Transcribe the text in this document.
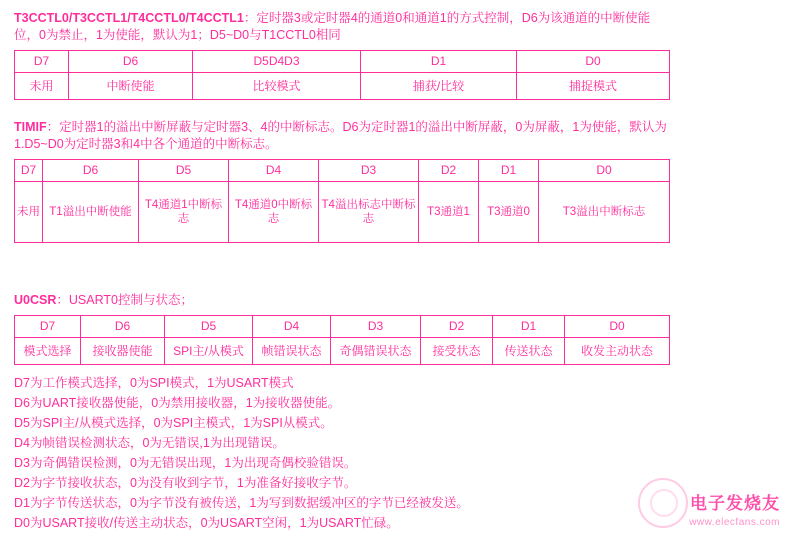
T3CCTL0/T3CCTL1/T4CCTL0/T4CCTL1：定时器3或定时器4的通道0和通道1的方式控制，D6为该通道的中断使能位，0为禁止，1为使能，默认为1；D5~D0与T1CCTL0相同
D7	D6	D5D4D3	D1	D0
未用	中断使能	比较模式	捕获/比较	捕捉模式
TIMIF：定时器1的溢出中断屏蔽与定时器3、4的中断标志。D6为定时器1的溢出中断屏蔽，0为屏蔽，1为使能，默认为1.D5~D0为定时器3和4中各个通道的中断标志。
D7	D6	D5	D4	D3	D2	D1	D0
未用	T1溢出中断使能	T4通道1中断标志	T4通道0中断标志	T4溢出标志中断标志	T3通道1	T3通道0	T3溢出中断标志
U0CSR：USART0控制与状态；
D7	D6	D5	D4	D3	D2	D1	D0
模式选择	接收器使能	SPI主/从模式	帧错误状态	奇偶错误状态	接受状态	传送状态	收发主动状态
D7为工作模式选择，0为SPI模式，1为USART模式
D6为UART接收器使能，0为禁用接收器，1为接收器使能。
D5为SPI主/从模式选择，0为SPI主模式，1为SPI从模式。
D4为帧错误检测状态，0为无错误,1为出现错误。
D3为奇偶错误检测，0为无错误出现，1为出现奇偶校验错误。
D2为字节接收状态，0为没有收到字节，1为准备好接收字节。
D1为字节传送状态，0为字节没有被传送，1为写到数据缓冲区的字节已经被发送。
D0为USART接收/传送主动状态，0为USART空闲，1为USART忙碌。
电子发烧友
www.elecfans.com
